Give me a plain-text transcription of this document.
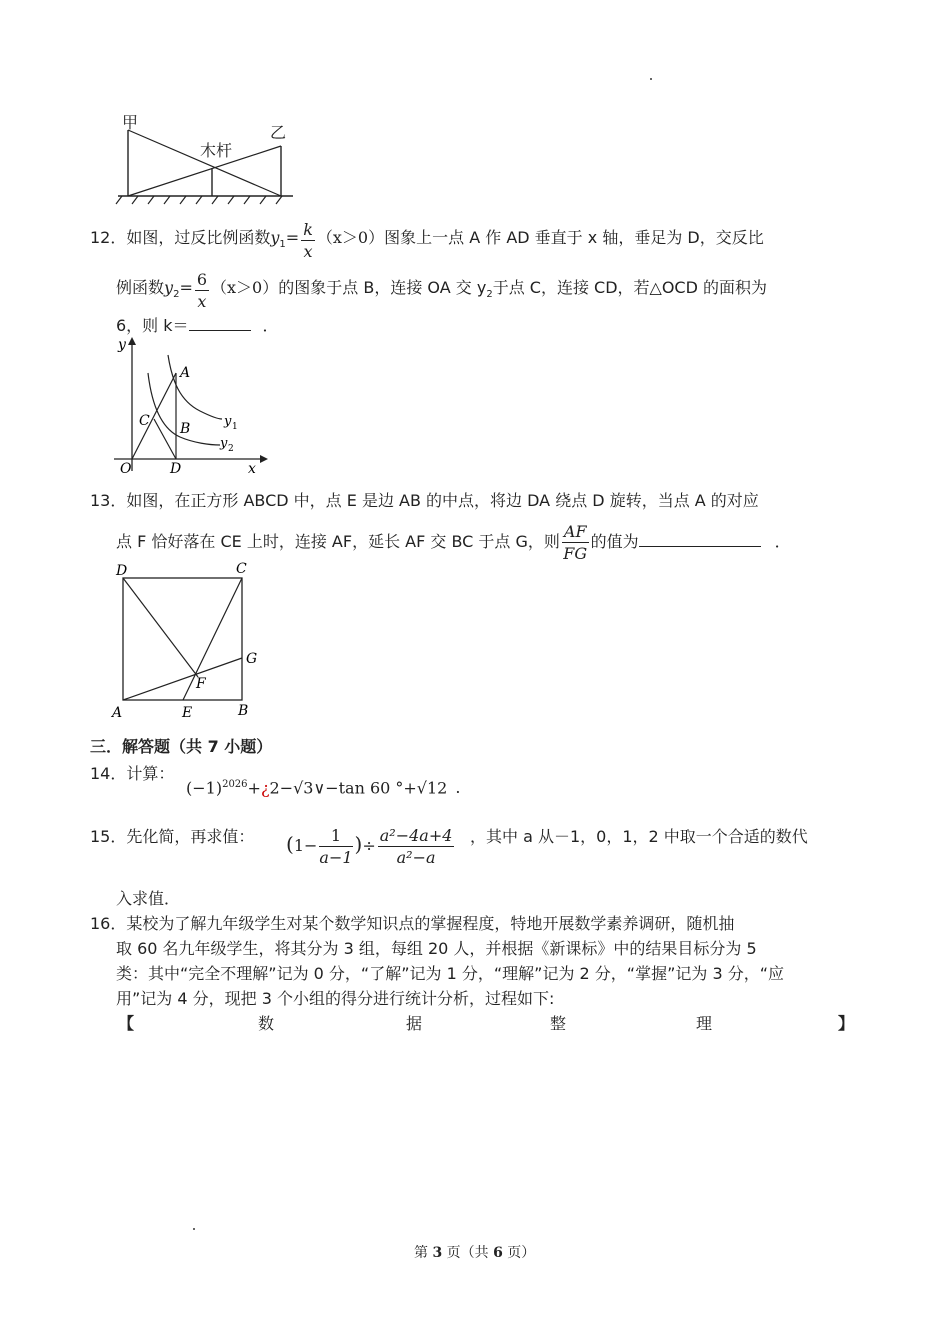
甲
乙
木杆
12．如图，过反比例函数$y_1= \frac{k}{x} (x>0)$图象上一点 A 作 AD 垂直于 x 轴，垂足为 D，交反比
例函数$y_2= \frac{6}{x} (x>0)$的图象于点 B，连接 OA 交 $y_2$于点 C，连接 CD，若△OCD 的面积为
6，则 k＝	．
y
x
O	D
A
B
C	y 1
y 2
13．如图，在正方形 ABCD 中，点 E 是边 AB 的中点，将边 DA 绕点 D 旋转，当点 A 的对应
点 F 恰好落在 CE 上时，连接 AF，延长 AF 交 BC 于点 G，则 $\frac{AF}{FG}$ 的值为	．
D	C
G
F
A	E	B
三．解答题（共 7 小题）
14．计算：
$(-1)^{2026}+¿2-√3\vee-\tan$ 60 °+√12 .
15．先化简，再求值： ($1- \frac{1}{a-1}$ )÷ $\frac{\text{a²−4a+4}}{\text{a²−a}}$ ，其中 a 从－1，0，1，2 中取一个合适的数代
入求值．
16．某校为了解九年级学生对某个数学知识点的掌握程度，特地开展数学素养调研，随机抽
取 60 名九年级学生，将其分为 3 组，每组 20 人，并根据《新课标》中的结果目标分为 5
类：其中“完全不理解”记为 0 分，“了解”记为 1 分，“理解”记为 2 分，“掌握”记为 3 分，“应
用”记为 4 分，现把 3 个小组的得分进行统计分析，过程如下:
【	数	据	整	理	】
第 3 页（共 6 页）
